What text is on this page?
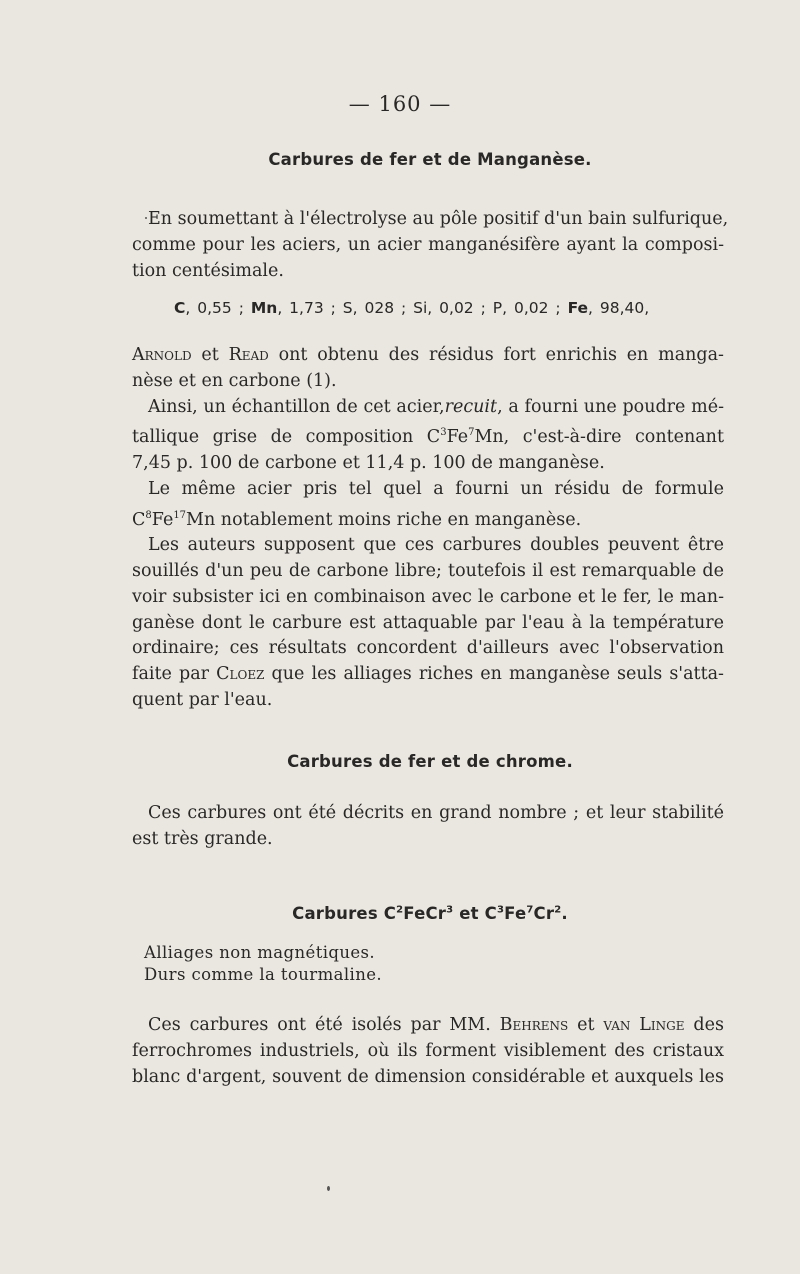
— 160 —
Carbures de fer et de Manganèse.
En soumettant à l'électrolyse au pôle positif d'un bain sulfurique,
comme pour les aciers, un acier manganésifère ayant la composi-
tion centésimale.
C, 0,55 ; Mn, 1,73 ; S, 028 ; Si, 0,02 ; P, 0,02 ; Fe, 98,40,
Arnold et Read ont obtenu des résidus fort enrichis en manga-
nèse et en carbone (1).
Ainsi, un échantillon de cet acier,recuit, a fourni une poudre mé-
tallique grise de composition $C^3Fe^7Mn$, c'est-à-dire contenant
7,45 p. 100 de carbone et 11,4 p. 100 de manganèse.
Le même acier pris tel quel a fourni un résidu de formule
$C^8Fe^{17}Mn$ notablement moins riche en manganèse.
Les auteurs supposent que ces carbures doubles peuvent être
souillés d'un peu de carbone libre; toutefois il est remarquable de
voir subsister ici en combinaison avec le carbone et le fer, le man-
ganèse dont le carbure est attaquable par l'eau à la température
ordinaire; ces résultats concordent d'ailleurs avec l'observation
faite par Cloez que les alliages riches en manganèse seuls s'atta-
quent par l'eau.
Carbures de fer et de chrome.
Ces carbures ont été décrits en grand nombre ; et leur stabilité
est très grande.
Carbures $C^2FeCr^3$ et $C^3Fe^7Cr^2$.
Alliages non magnétiques.
Durs comme la tourmaline.
Ces carbures ont été isolés par MM. Behrens et van Linge des
ferrochromes industriels, où ils forment visiblement des cristaux
blanc d'argent, souvent de dimension considérable et auxquels les
